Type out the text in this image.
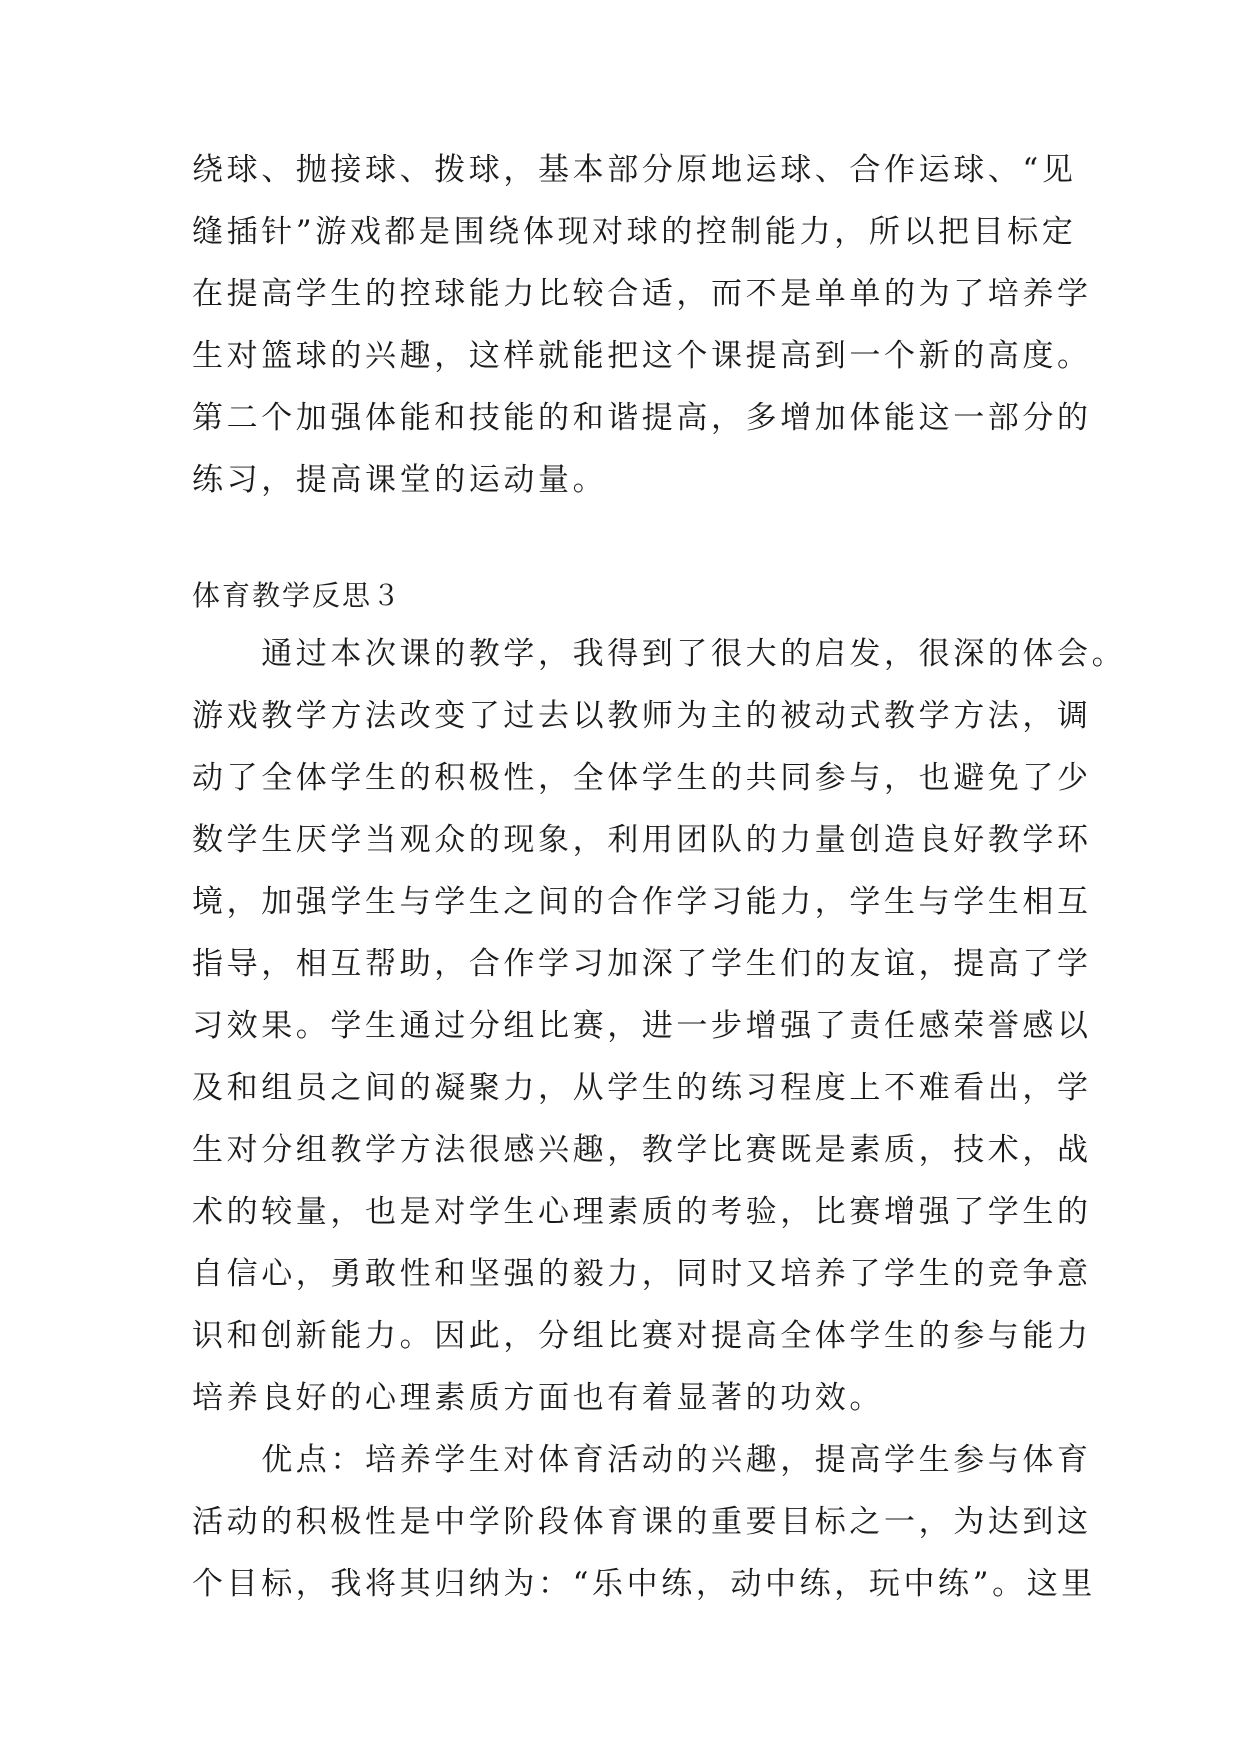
绕球、抛接球、拨球，基本部分原地运球、合作运球、“见
缝插针”游戏都是围绕体现对球的控制能力，所以把目标定
在提高学生的控球能力比较合适，而不是单单的为了培养学
生对篮球的兴趣，这样就能把这个课提高到一个新的高度。
第二个加强体能和技能的和谐提高，多增加体能这一部分的
练习，提高课堂的运动量。
体育教学反思３
　　通过本次课的教学，我得到了很大的启发，很深的体会。
游戏教学方法改变了过去以教师为主的被动式教学方法，调
动了全体学生的积极性，全体学生的共同参与，也避免了少
数学生厌学当观众的现象，利用团队的力量创造良好教学环
境，加强学生与学生之间的合作学习能力，学生与学生相互
指导，相互帮助，合作学习加深了学生们的友谊，提高了学
习效果。学生通过分组比赛，进一步增强了责任感荣誉感以
及和组员之间的凝聚力，从学生的练习程度上不难看出，学
生对分组教学方法很感兴趣，教学比赛既是素质，技术，战
术的较量，也是对学生心理素质的考验，比赛增强了学生的
自信心，勇敢性和坚强的毅力，同时又培养了学生的竞争意
识和创新能力。因此，分组比赛对提高全体学生的参与能力
培养良好的心理素质方面也有着显著的功效。
　　优点：培养学生对体育活动的兴趣，提高学生参与体育
活动的积极性是中学阶段体育课的重要目标之一，为达到这
个目标，我将其归纳为：“乐中练，动中练，玩中练”。这里
